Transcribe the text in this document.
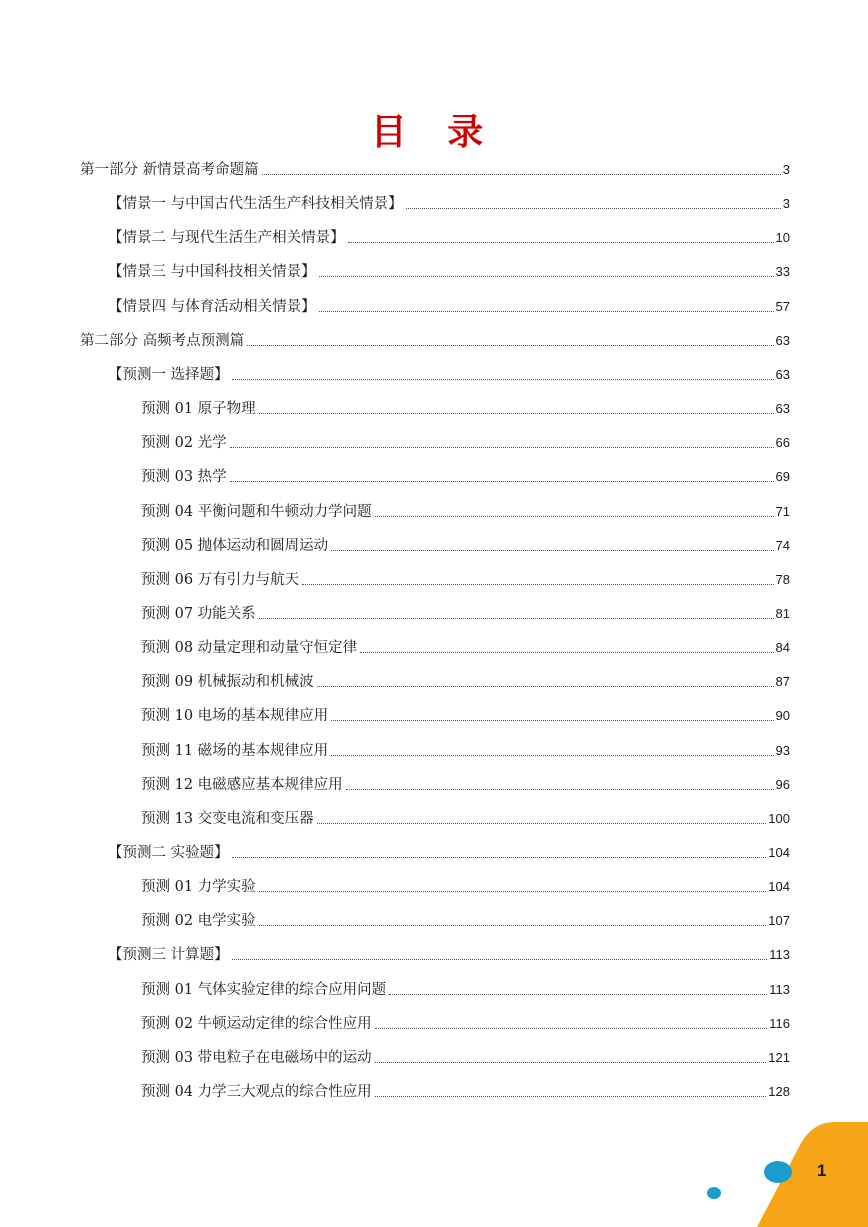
目 录
第一部分 新情景高考命题篇	3
【情景一 与中国古代生活生产科技相关情景】	3
【情景二 与现代生活生产相关情景】	10
【情景三 与中国科技相关情景】	33
【情景四 与体育活动相关情景】	57
第二部分 高频考点预测篇	63
【预测一 选择题】	63
预测 01 原子物理	63
预测 02 光学	66
预测 03 热学	69
预测 04 平衡问题和牛顿动力学问题	71
预测 05 抛体运动和圆周运动	74
预测 06 万有引力与航天	78
预测 07 功能关系	81
预测 08 动量定理和动量守恒定律	84
预测 09 机械振动和机械波	87
预测 10 电场的基本规律应用	90
预测 11 磁场的基本规律应用	93
预测 12 电磁感应基本规律应用	96
预测 13 交变电流和变压器	100
【预测二 实验题】	104
预测 01 力学实验	104
预测 02 电学实验	107
【预测三 计算题】	113
预测 01 气体实验定律的综合应用问题	113
预测 02 牛顿运动定律的综合性应用	116
预测 03 带电粒子在电磁场中的运动	121
预测 04 力学三大观点的综合性应用	128
1
